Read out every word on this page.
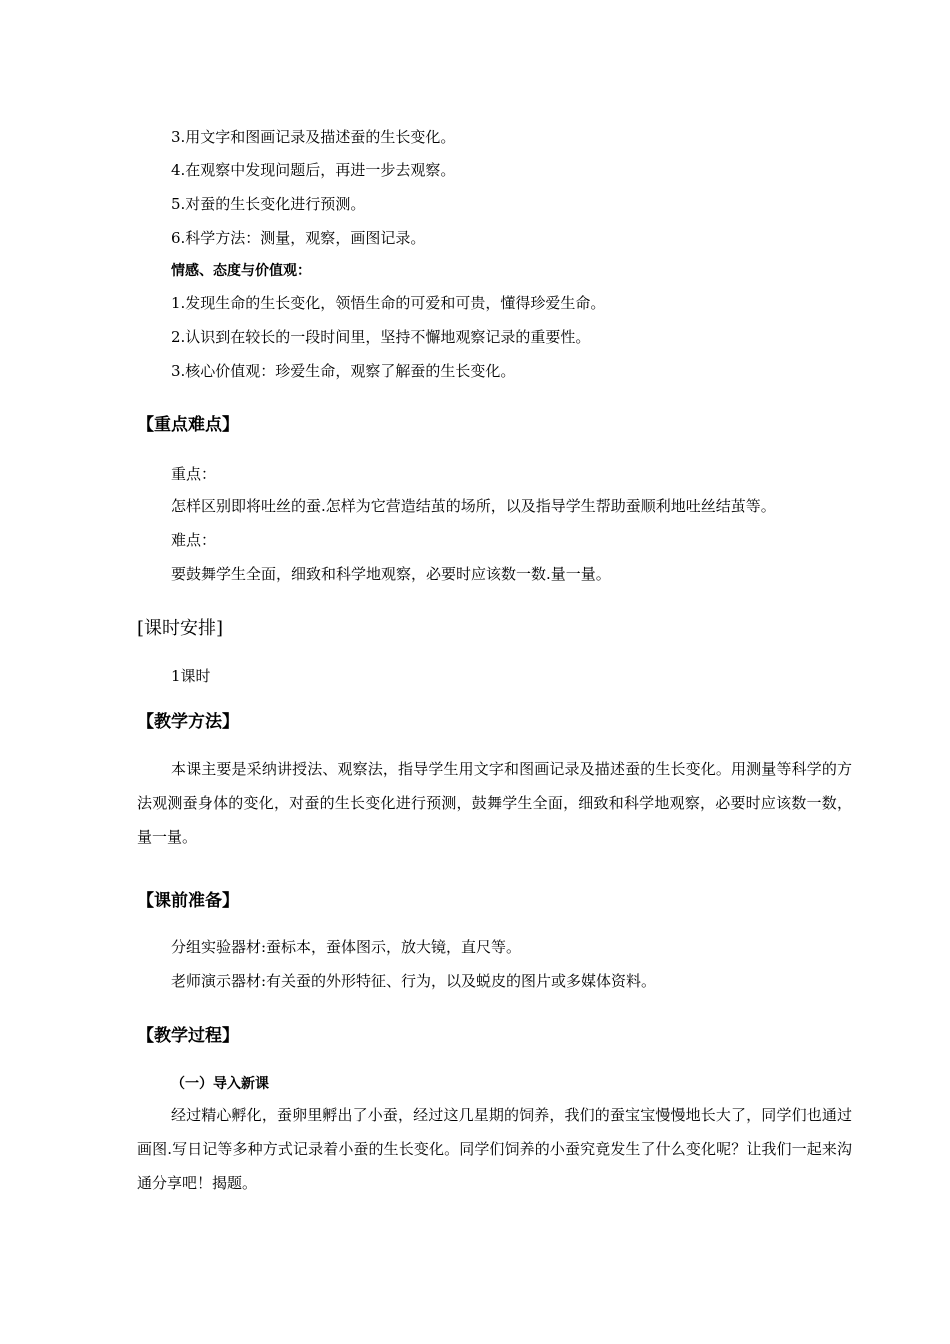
3.用文字和图画记录及描述蚕的生长变化。
4.在观察中发现问题后，再进一步去观察。
5.对蚕的生长变化进行预测。
6.科学方法：测量，观察，画图记录。
情感、态度与价值观：
1.发现生命的生长变化，领悟生命的可爱和可贵，懂得珍爱生命。
2.认识到在较长的一段时间里，坚持不懈地观察记录的重要性。
3.核心价值观：珍爱生命，观察了解蚕的生长变化。
【重点难点】
重点：
怎样区别即将吐丝的蚕.怎样为它营造结茧的场所，以及指导学生帮助蚕顺利地吐丝结茧等。
难点：
要鼓舞学生全面，细致和科学地观察，必要时应该数一数.量一量。
[课时安排]
1课时
【教学方法】
本课主要是采纳讲授法、观察法，指导学生用文字和图画记录及描述蚕的生长变化。用测量等科学的方法观测蚕身体的变化，对蚕的生长变化进行预测，鼓舞学生全面，细致和科学地观察，必要时应该数一数，量一量。
【课前准备】
分组实验器材:蚕标本，蚕体图示，放大镜，直尺等。
老师演示器材:有关蚕的外形特征、行为，以及蜕皮的图片或多媒体资料。
【教学过程】
（一）导入新课
经过精心孵化，蚕卵里孵出了小蚕，经过这几星期的饲养，我们的蚕宝宝慢慢地长大了，同学们也通过画图.写日记等多种方式记录着小蚕的生长变化。同学们饲养的小蚕究竟发生了什么变化呢？让我们一起来沟通分享吧！揭题。
